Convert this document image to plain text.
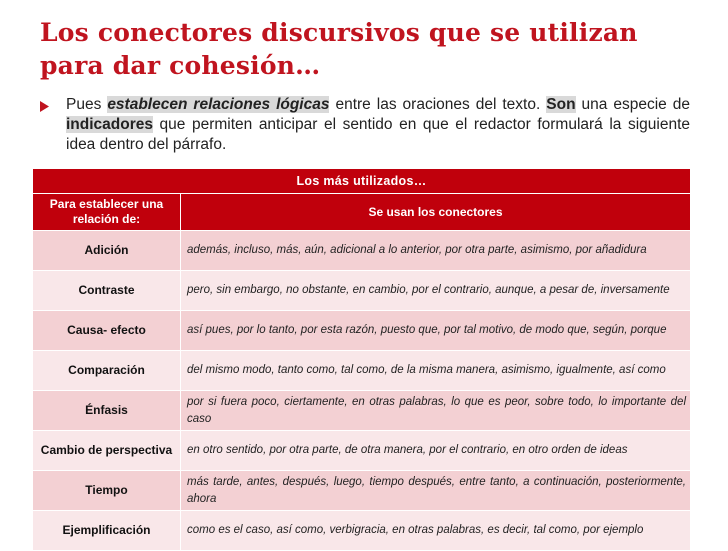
Los conectores discursivos que se utilizan para dar cohesión…
Pues establecen relaciones lógicas entre las oraciones del texto. Son una especie de indicadores que permiten anticipar el sentido en que el redactor formulará la siguiente idea dentro del párrafo.
Los más utilizados…	
Para establecer una relación de:	Se usan los conectores
Adición	además, incluso, más, aún, adicional a lo anterior, por otra parte, asimismo, por añadidura
Contraste	pero, sin embargo, no obstante, en cambio, por el contrario, aunque, a pesar de, inversamente
Causa- efecto	así pues, por lo tanto, por esta razón, puesto que, por tal motivo, de modo que, según, porque
Comparación	del mismo modo, tanto como, tal como, de la misma manera, asimismo, igualmente, así como
Énfasis	por si fuera poco, ciertamente, en otras palabras, lo que es peor, sobre todo, lo importante del caso
Cambio de perspectiva	en otro sentido, por otra parte, de otra manera, por el contrario, en otro orden de ideas
Tiempo	más tarde, antes, después, luego, tiempo después, entre tanto, a continuación, posteriormente, ahora
Ejemplificación	como es el caso, así como, verbigracia, en otras palabras, es decir, tal como, por ejemplo
